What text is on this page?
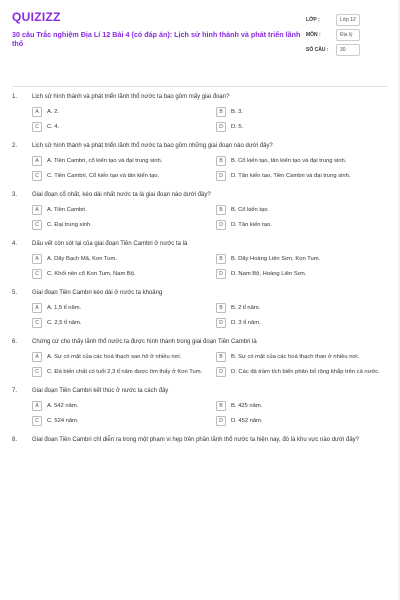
QUIZIZZ
30 câu Trắc nghiệm Địa Lí 12 Bài 4 (có đáp án): Lịch sử hình thành và phát triển lãnh thổ
LỚP :	Lớp 12
MÔN :	Địa lý
SỐ CÂU :	30
1.	Lịch sử hình thành và phát triển lãnh thổ nước ta bao gồm mấy giai đoạn?
A	A. 2.	B	B. 3.
C	C. 4.	D	D. 5.
2.	Lịch sử hình thành và phát triển lãnh thổ nước ta bao gồm những giai đoạn nào dưới đây?
A	A. Tiền Cambri, cổ kiến tạo và đại trung sinh.	B	B. Cổ kiến tạo, tân kiến tạo và đại trung sinh.
C	C. Tiền Cambri, Cổ kiến tạo và tân kiến tạo.	D	D. Tân kiến tạo, Tiền Cambri và đại trung sinh.
3.	Giai đoạn cổ nhất, kéo dài nhất nước ta là giai đoạn nào dưới đây?
A	A. Tiền Cambri.	B	B. Cổ kiến tạo.
C	C. Đại trung sinh.	D	D. Tân kiến tạo.
4.	Dấu vết còn sót lại của giai đoạn Tiền Cambri ở nước ta là
A	A. Dãy Bạch Mã, Kon Tum.	B	B. Dãy Hoàng Liên Sơn, Kon Tum.
C	C. Khối nền cổ Kon Tum, Nam Bộ.	D	D. Nam Bộ, Hoàng Liên Sơn.
5.	Giai đoạn Tiền Cambri kéo dài ở nước ta khoảng
A	A. 1,5 tỉ năm.	B	B. 2 tỉ năm.
C	C. 2,5 tỉ năm.	D	D. 3 tỉ năm.
6.	Chứng cứ cho thấy lãnh thổ nước ta được hình thành trong giai đoạn Tiền Cambri là
A	A. Sự có mặt của các hoá thạch san hô ở nhiều nơi.	B	B. Sự có mặt của các hoá thạch than ở nhiều nơi.
C	C. Đá biến chất có tuổi 2,3 tỉ năm được tìm thấy ở Kon Tum.	D	D. Các đá trầm tích biển phân bố rộng khắp trên cả nước.
7.	Giai đoạn Tiền Cambri kết thúc ở nước ta cách đây
A	A. 542 năm.	B	B. 425 năm.
C	C. 524 năm.	D	D. 452 năm.
8.	Giai đoạn Tiền Cambri chỉ diễn ra trong một phạm vi hẹp trên phần lãnh thổ nước ta hiện nay, đó là khu vực nào dưới đây?
